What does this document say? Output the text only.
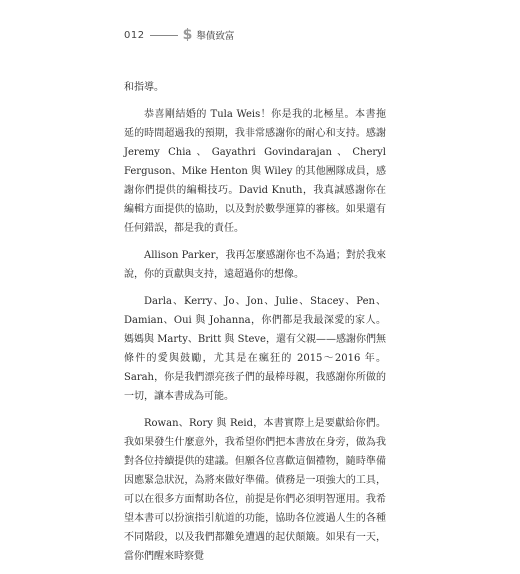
012	$ 舉債致富

和指導。

恭喜剛結婚的 Tula Weis！你是我的北極星。本書拖延的時間超過我的預期，我非常感謝你的耐心和支持。感謝 Jeremy Chia、Gayathri Govindarajan、Cheryl Ferguson、Mike Henton 與 Wiley 的其他團隊成員，感謝你們提供的編輯技巧。David Knuth，我真誠感謝你在編輯方面提供的協助，以及對於數學運算的審核。如果還有任何錯誤，都是我的責任。

Allison Parker，我再怎麼感謝你也不為過；對於我來說，你的貢獻與支持，遠超過你的想像。

Darla、Kerry、Jo、Jon、Julie、Stacey、Pen、Damian、Oui 與 Johanna，你們都是我最深愛的家人。媽媽與 Marty、Britt 與 Steve，還有父親——感謝你們無條件的愛與鼓勵，尤其是在瘋狂的 2015～2016 年。Sarah，你是我們漂亮孩子們的最棒母親，我感謝你所做的一切，讓本書成為可能。

Rowan、Rory 與 Reid，本書實際上是要獻給你們。我如果發生什麼意外，我希望你們把本書放在身旁，做為我對各位持續提供的建議。但願各位喜歡這個禮物，隨時準備因應緊急狀況，為將來做好準備。債務是一項強大的工具，可以在很多方面幫助各位，前提是你們必須明智運用。我希望本書可以扮演指引航道的功能，協助各位渡過人生的各種不同階段，以及我們都難免遭遇的起伏顛簸。如果有一天，當你們醒來時察覺
